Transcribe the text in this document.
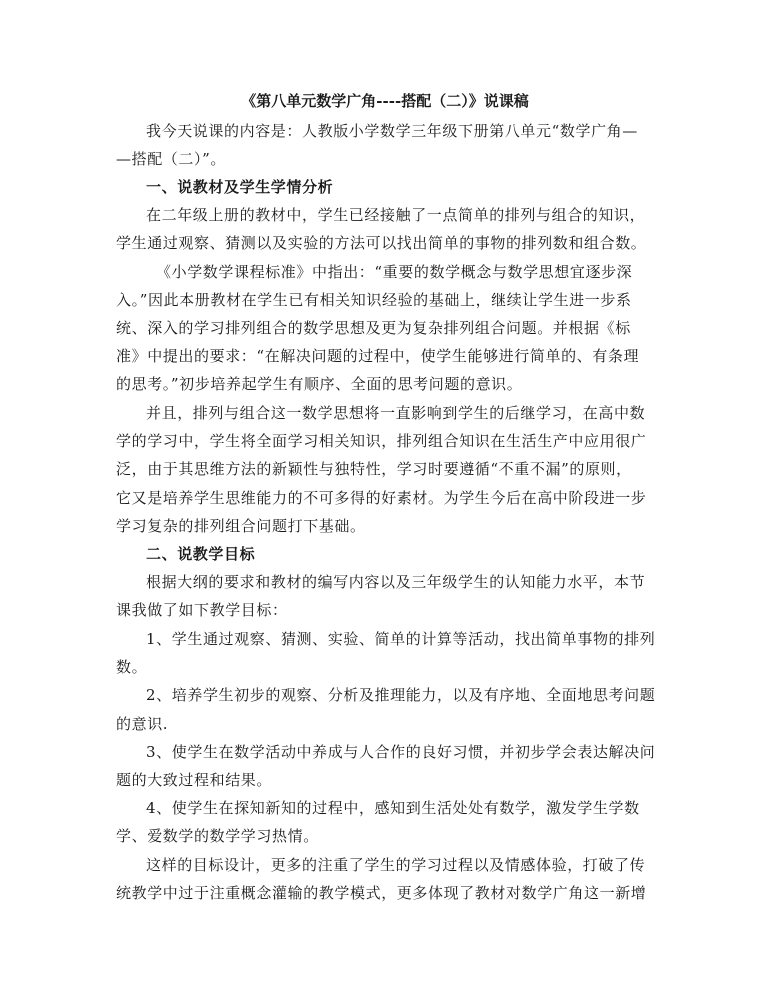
《第八单元数学广角----搭配（二）》说课稿
我今天说课的内容是：人教版小学数学三年级下册第八单元“数学广角—
—搭配（二）”。
一、说教材及学生学情分析
在二年级上册的教材中，学生已经接触了一点简单的排列与组合的知识，
学生通过观察、猜测以及实验的方法可以找出简单的事物的排列数和组合数。
《小学数学课程标准》中指出：“重要的数学概念与数学思想宜逐步深
入。”因此本册教材在学生已有相关知识经验的基础上，继续让学生进一步系
统、深入的学习排列组合的数学思想及更为复杂排列组合问题。并根据《标
准》中提出的要求：“在解决问题的过程中，使学生能够进行简单的、有条理
的思考。”初步培养起学生有顺序、全面的思考问题的意识。
并且，排列与组合这一数学思想将一直影响到学生的后继学习，在高中数
学的学习中，学生将全面学习相关知识，排列组合知识在生活生产中应用很广
泛，由于其思维方法的新颖性与独特性，学习时要遵循“不重不漏”的原则，
它又是培养学生思维能力的不可多得的好素材。为学生今后在高中阶段进一步
学习复杂的排列组合问题打下基础。
二、说教学目标
根据大纲的要求和教材的编写内容以及三年级学生的认知能力水平，本节
课我做了如下教学目标：
1、学生通过观察、猜测、实验、简单的计算等活动，找出简单事物的排列
数。
2、培养学生初步的观察、分析及推理能力，以及有序地、全面地思考问题
的意识.
3、使学生在数学活动中养成与人合作的良好习惯，并初步学会表达解决问
题的大致过程和结果。
4、使学生在探知新知的过程中，感知到生活处处有数学，激发学生学数
学、爱数学的数学学习热情。
这样的目标设计，更多的注重了学生的学习过程以及情感体验，打破了传
统教学中过于注重概念灌输的教学模式，更多体现了教材对数学广角这一新增
